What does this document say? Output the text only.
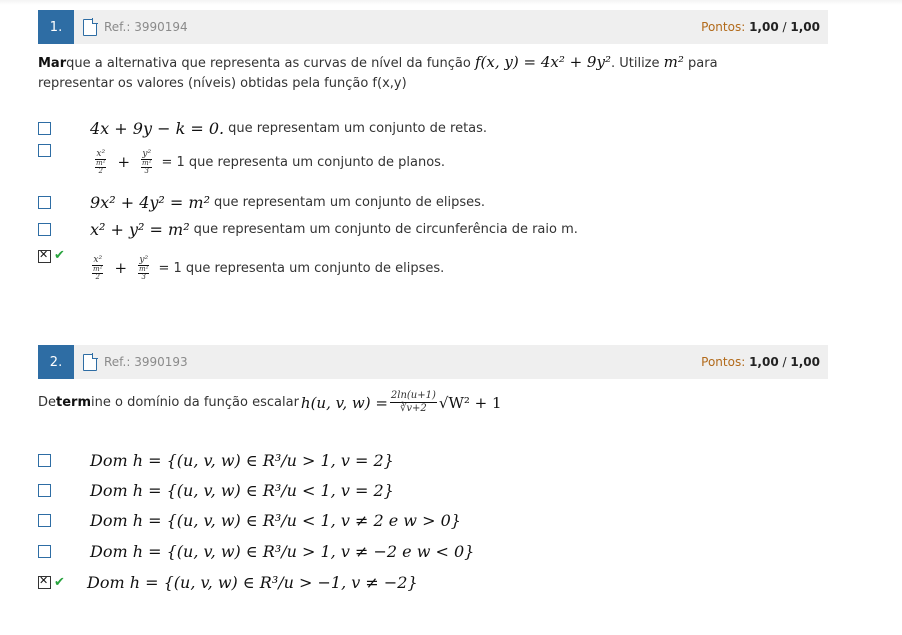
1.	Ref.: 3990194	Pontos: 1,00 / 1,00
Marque a alternativa que representa as curvas de nível da função f(x, y) = 4x² + 9y². Utilize m² para
representar os valores (níveis) obtidas pela função f(x,y)
4x + 9y − k = 0. que representam um conjunto de retas.
$\frac{\text{x²}}{\frac{\text{m²}}{2}} + \frac{\text{y²}}{\frac{\text{m²}}{3}} = 1$ que representa um conjunto de planos.
9x² + 4y² = m² que representam um conjunto de elipses.
x² + y² = m² que representam um conjunto de circunferência de raio m.
✕
✔	$\frac{\text{x²}}{\frac{\text{m²}}{2}} + \frac{\text{y²}}{\frac{\text{m²}}{3}} = 1$ que representa um conjunto de elipses.
2.	Ref.: 3990193	Pontos: 1,00 / 1,00
De term ine o domínio da função escalar h(u, v, $w) = \frac{2\ln(u+1)}{∛v+2} √W^2 + 1$
Dom h = {(u, v, w) ∈ R³/u > 1, v = 2}
Dom h = {(u, v, w) ∈ R³/u < 1, v = 2}
Dom h = {(u, v, w) ∈ R³/u < 1, v ≠ 2 e w > 0}
Dom h = {(u, v, w) ∈ R³/u > 1, v ≠ −2 e w < 0}
✕
✔ Dom h = {(u, v, w) ∈ R³/u > −1, v ≠ −2}
